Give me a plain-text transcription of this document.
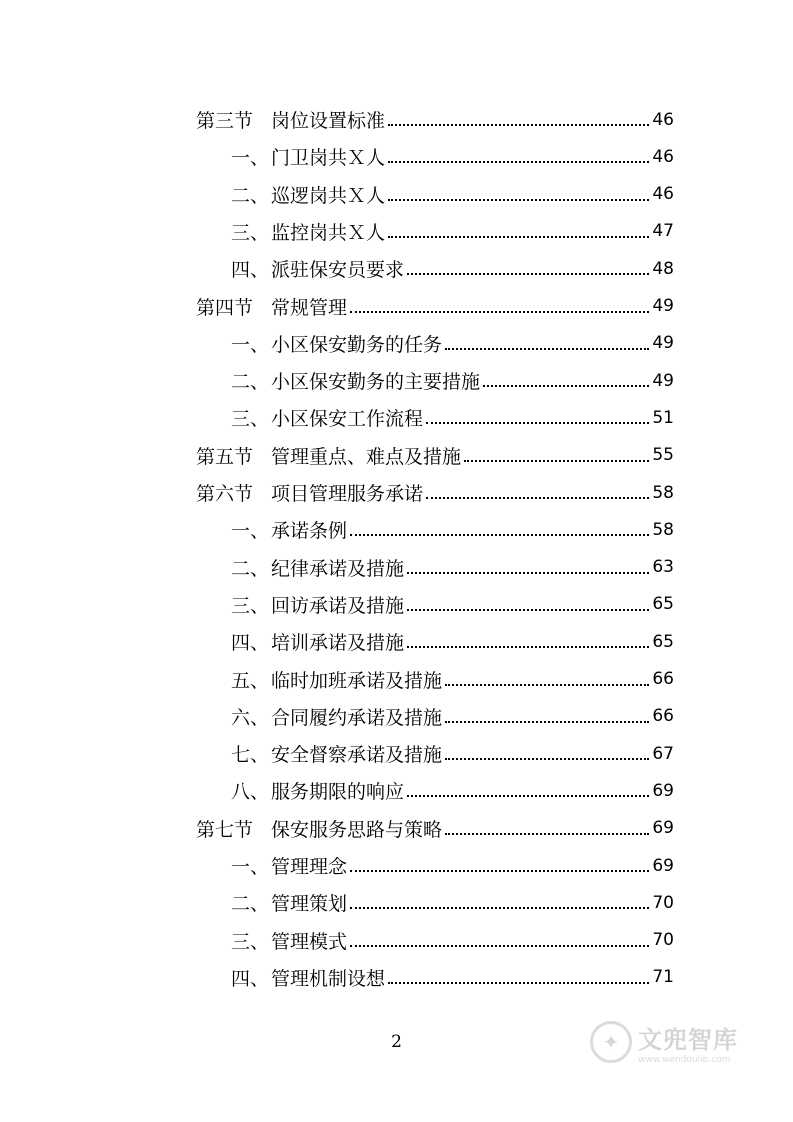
第三节 岗位设置标准	46
一、 门卫岗共Ｘ人	46
二、 巡逻岗共Ｘ人	46
三、 监控岗共Ｘ人	47
四、 派驻保安员要求	48
第四节 常规管理	49
一、 小区保安勤务的任务	49
二、 小区保安勤务的主要措施	49
三、 小区保安工作流程	51
第五节 管理重点、难点及措施	55
第六节 项目管理服务承诺	58
一、 承诺条例	58
二、 纪律承诺及措施	63
三、 回访承诺及措施	65
四、 培训承诺及措施	65
五、 临时加班承诺及措施	66
六、 合同履约承诺及措施	66
七、 安全督察承诺及措施	67
八、 服务期限的响应	69
第七节 保安服务思路与策略	69
一、 管理理念	69
二、 管理策划	70
三、 管理模式	70
四、 管理机制设想	71
2	✦ 文兜智库
www.wendoulib.com
